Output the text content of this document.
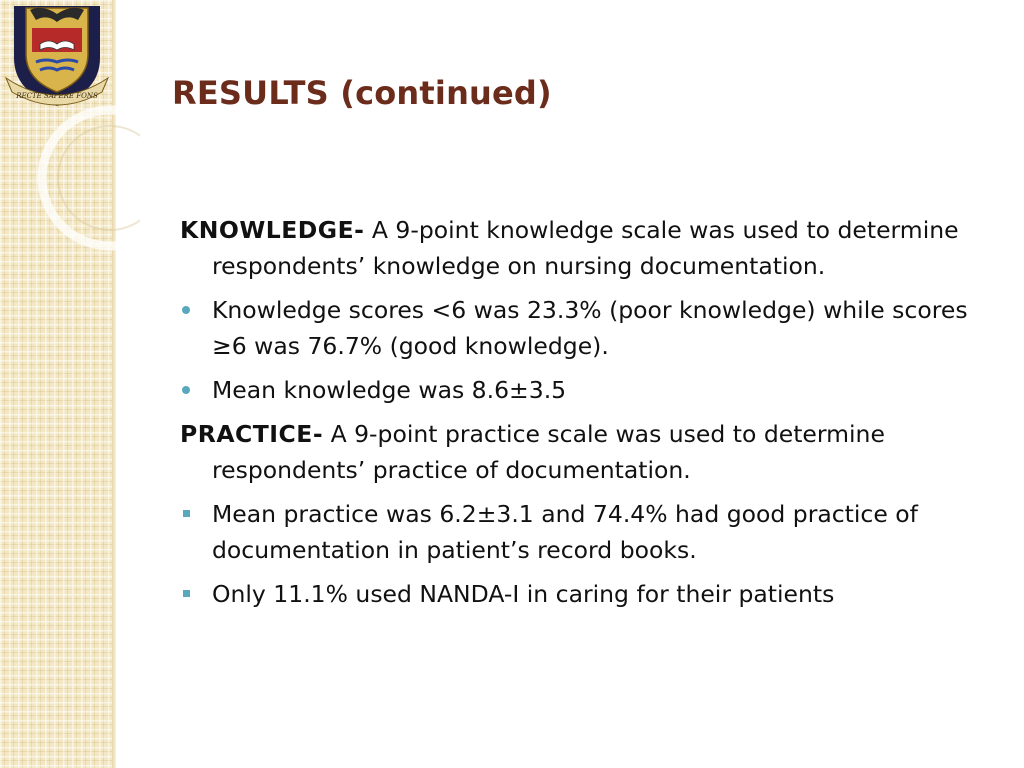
RECTE SAPERE FONS RESULTS (continued)

KNOWLEDGE- A 9-point knowledge scale was used to determine respondents’ knowledge on nursing documentation.

Knowledge scores <6 was 23.3% (poor knowledge) while scores ≥6 was 76.7% (good knowledge).
Mean knowledge was 8.6±3.5

PRACTICE- A 9-point practice scale was used to determine respondents’ practice of documentation.

Mean practice was 6.2±3.1 and 74.4% had good practice of documentation in patient’s record books.
Only 11.1% used NANDA-I in caring for their patients
